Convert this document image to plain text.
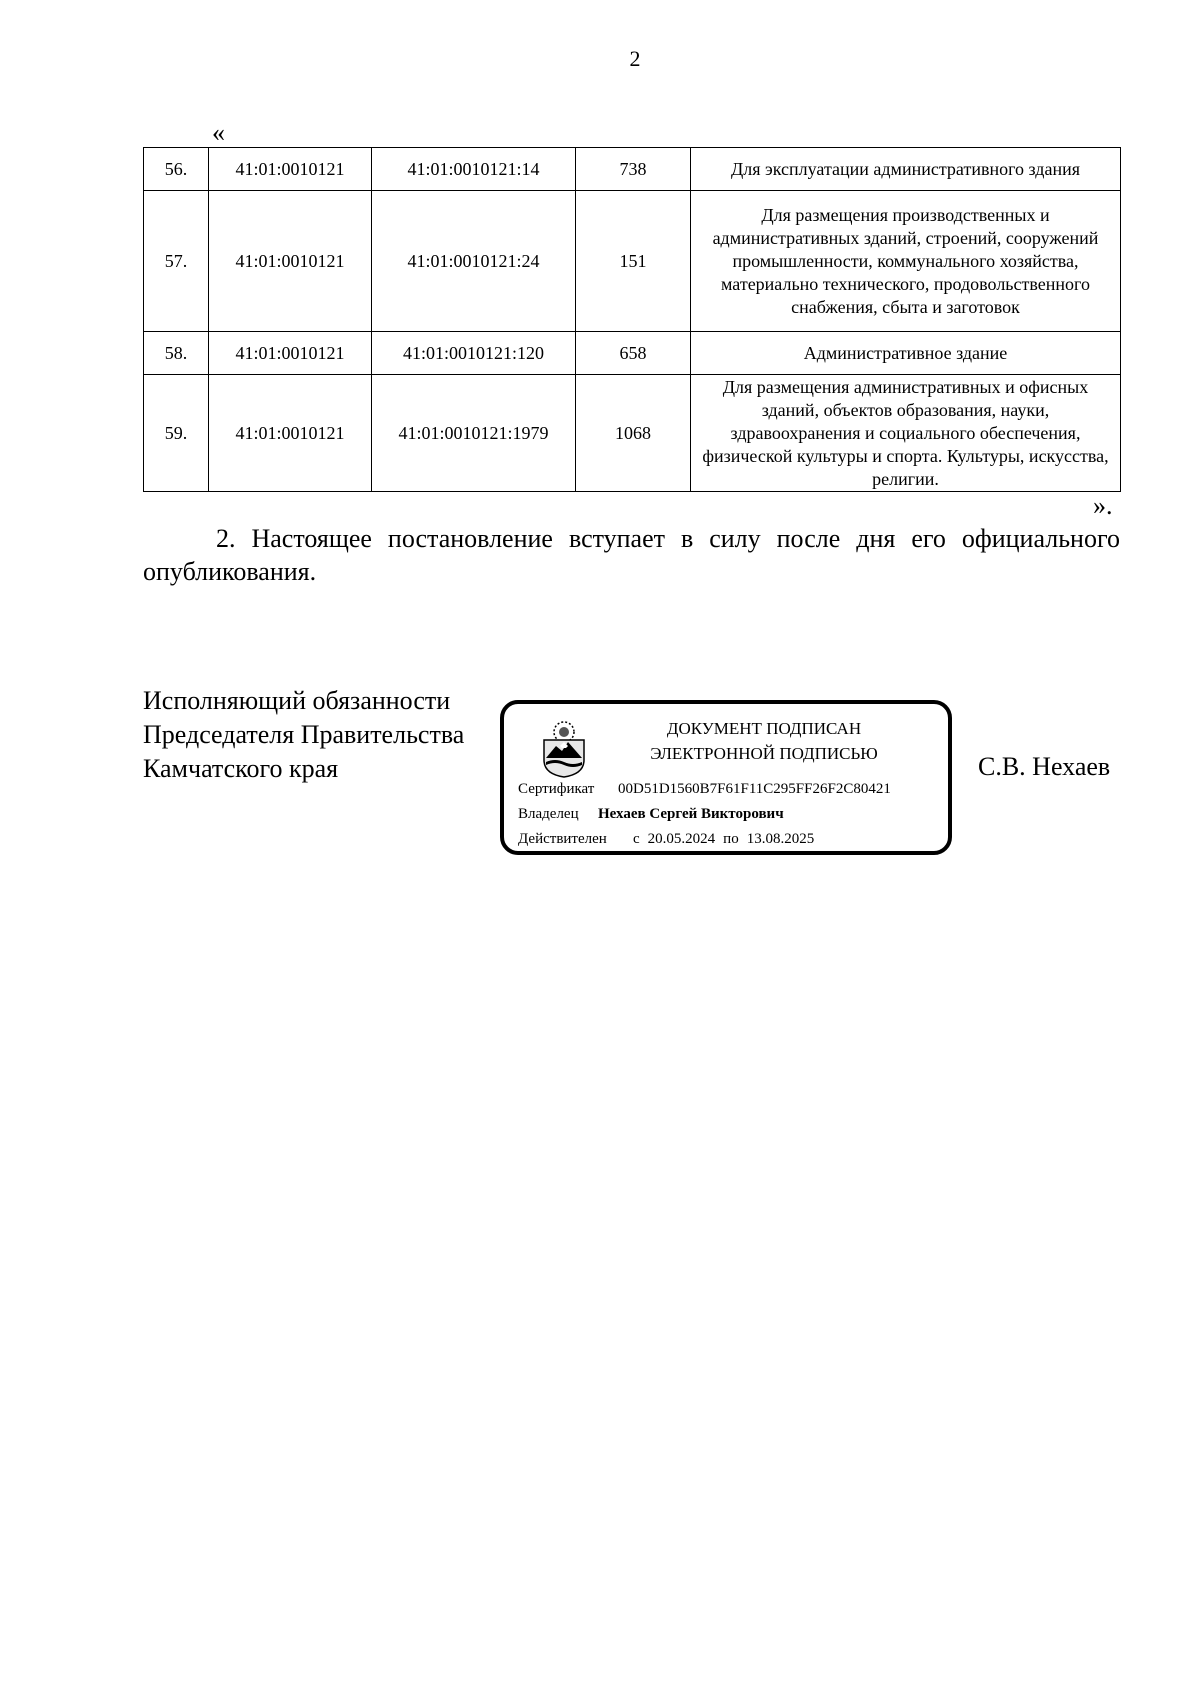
2
«
56.	41:01:0010121	41:01:0010121:14	738	Для эксплуатации административного здания
57.	41:01:0010121	41:01:0010121:24	151	Для размещения производственных и административных зданий, строений, сооружений промышленности, коммунального хозяйства, материально технического, продовольственного снабжения, сбыта и заготовок
58.	41:01:0010121	41:01:0010121:120	658	Административное здание
59.	41:01:0010121	41:01:0010121:1979	1068	Для размещения административных и офисных зданий, объектов образования, науки, здравоохранения и социального обеспечения, физической культуры и спорта. Культуры, искусства, религии.
».
2. Настоящее постановление вступает в силу после дня его официального опубликования.
Исполняющий обязанности
Председателя Правительства
Камчатского края
ДОКУМЕНТ ПОДПИСАН
ЭЛЕКТРОННОЙ ПОДПИСЬЮ
Сертификат 00D51D1560B7F61F11C295FF26F2C80421
Владелец Нехаев Сергей Викторович
Действителен с 20.05.2024 по 13.08.2025
С.В. Нехаев
